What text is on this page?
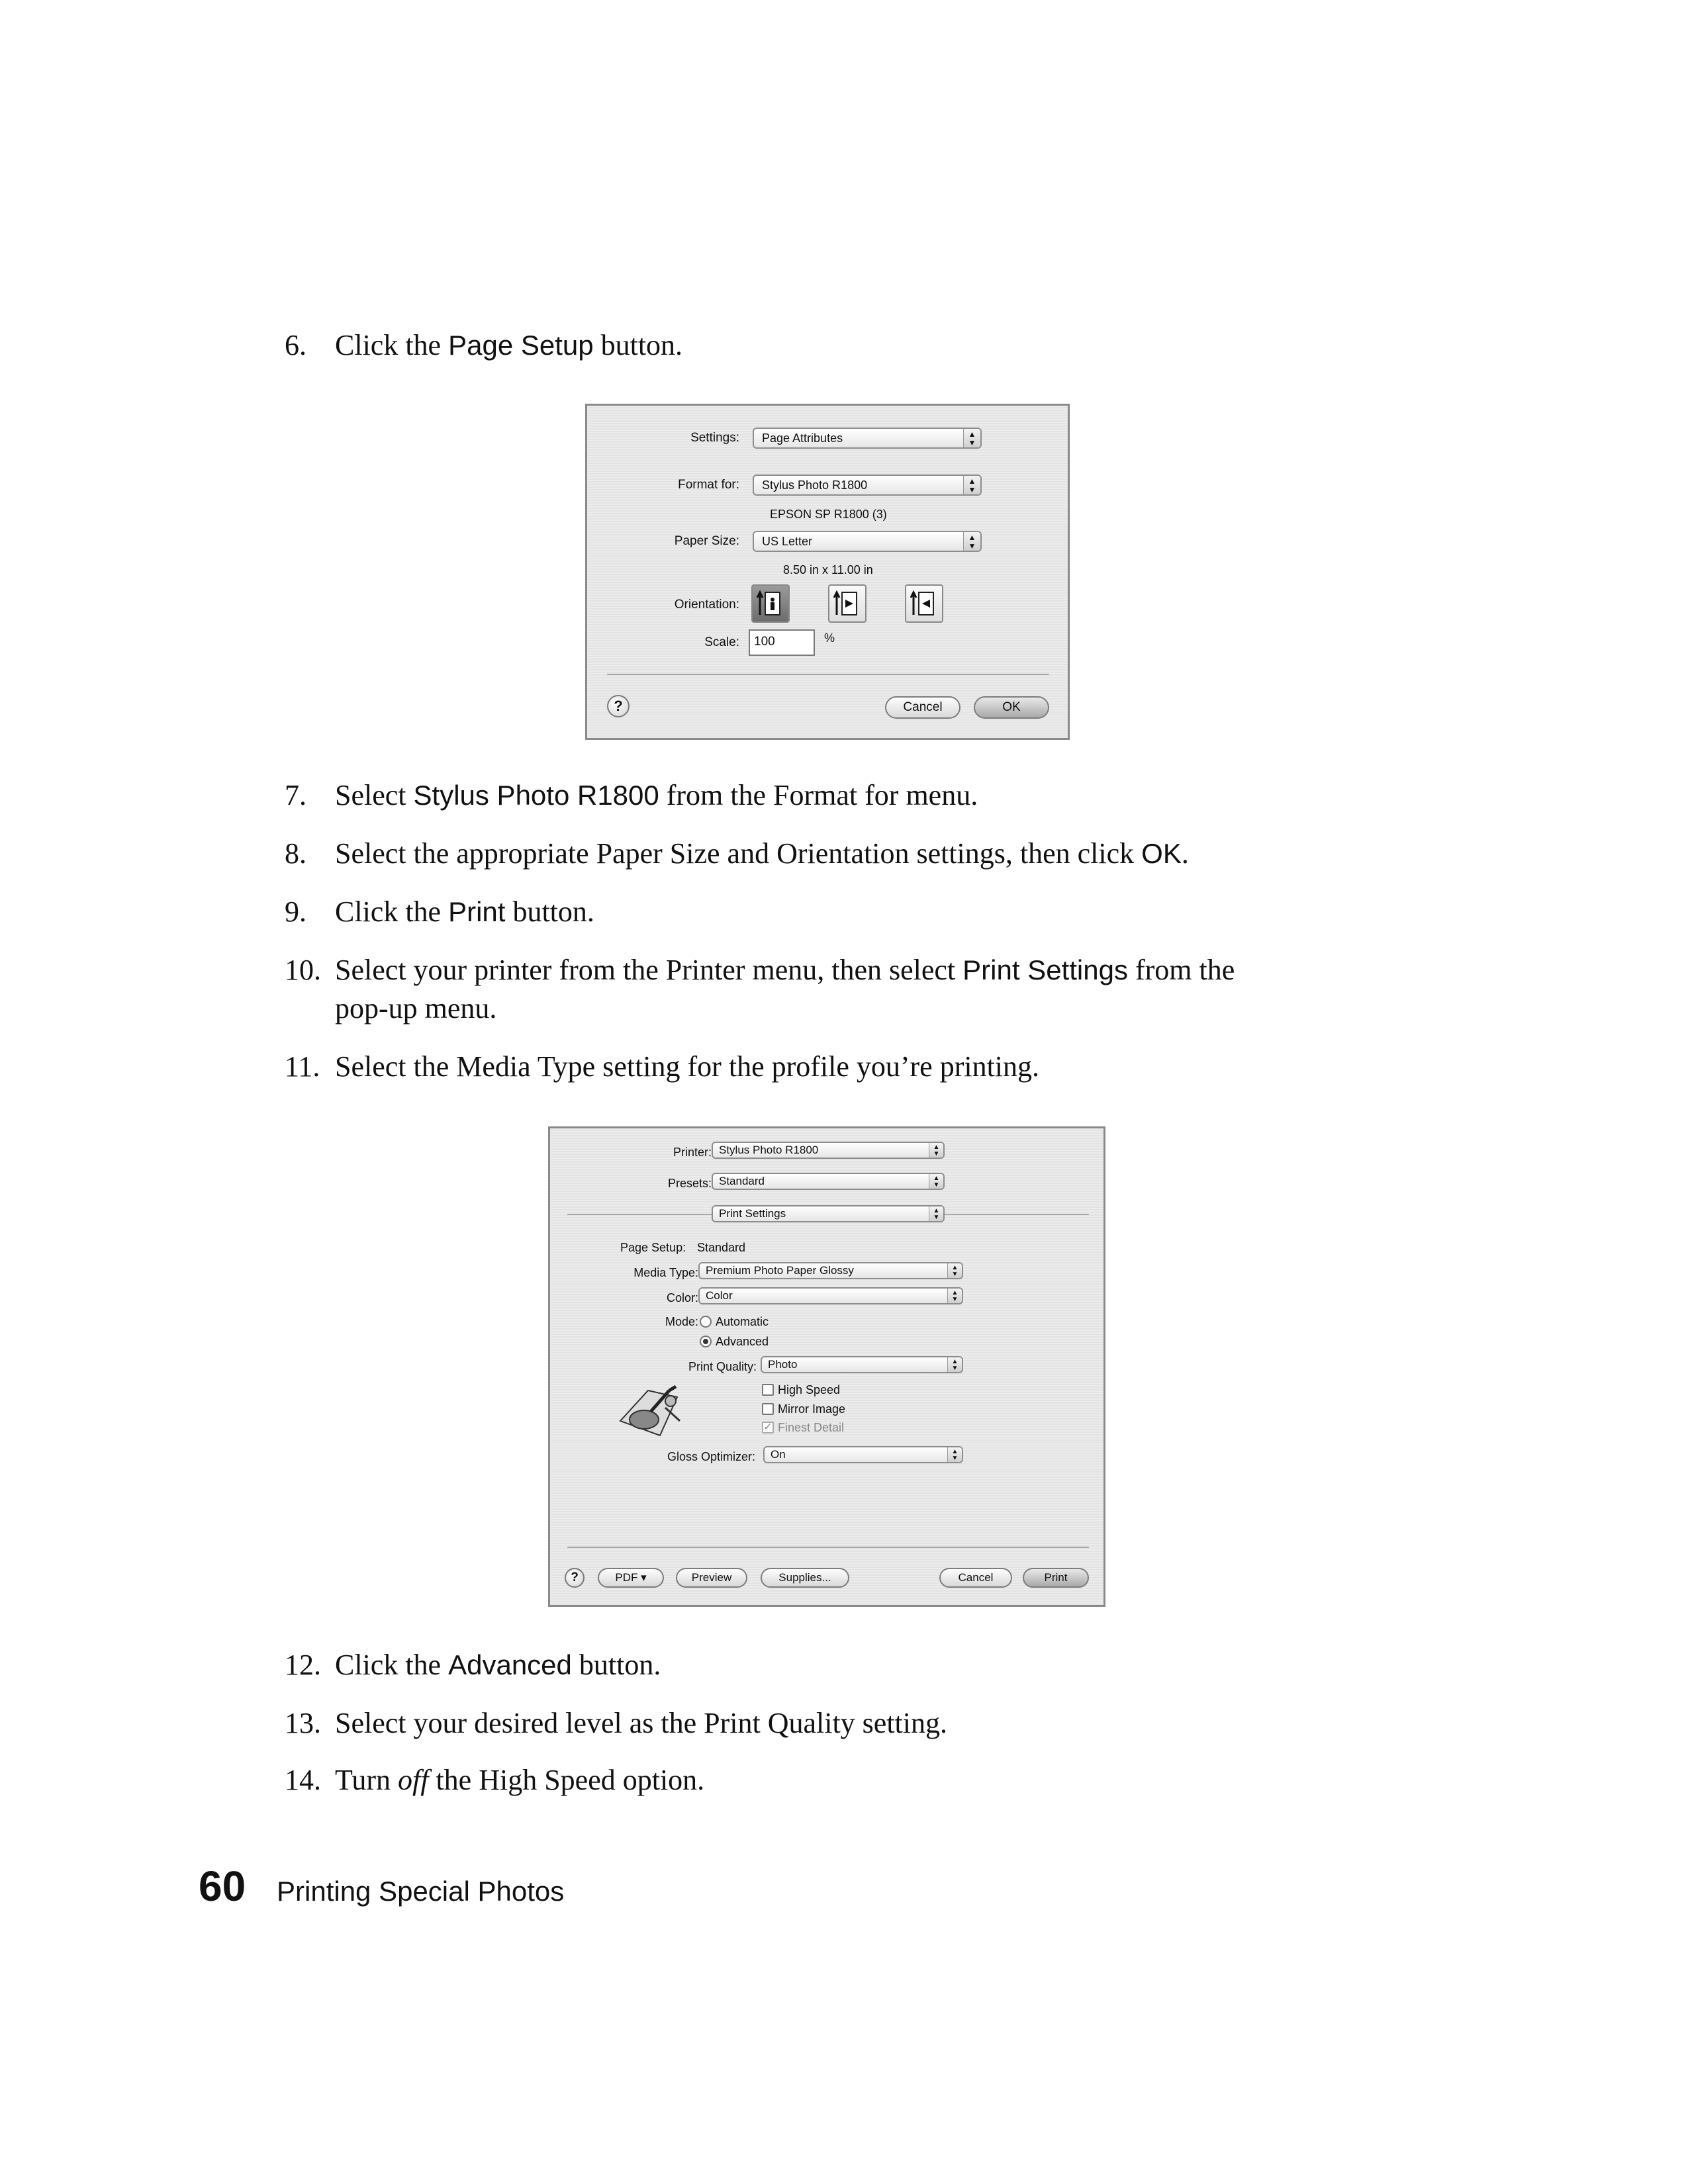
6. Click the Page Setup button.
Settings:	Page Attributes	▲
▼
Format for:	Stylus Photo R1800	▲
▼
EPSON SP R1800 (3)
Paper Size:	US Letter	▲
▼
8.50 in x 11.00 in
Orientation:
Scale:	100	%
?	Cancel	OK
7. Select Stylus Photo R1800 from the Format for menu.
8. Select the appropriate Paper Size and Orientation settings, then click OK.
9. Click the Print button.
10. Select your printer from the Printer menu, then select Print Settings from the
pop-up menu.
11. Select the Media Type setting for the profile you’re printing.
Printer: Stylus Photo R1800	▲
▼
Presets: Standard	▲
▼
Print Settings	▲
▼
Page Setup: Standard
Media Type: Premium Photo Paper Glossy	▲
▼
Color: Color	▲
▼
Mode: Automatic
Advanced
Print Quality:	Photo	▲
▼
High Speed
Mirror Image
✓ Finest Detail
Gloss Optimizer:	On	▲
▼
?	PDF ▾	Preview	Supplies...	Cancel	Print
12. Click the Advanced button.
13. Select your desired level as the Print Quality setting.
14. Turn off the High Speed option.
60 Printing Special Photos
